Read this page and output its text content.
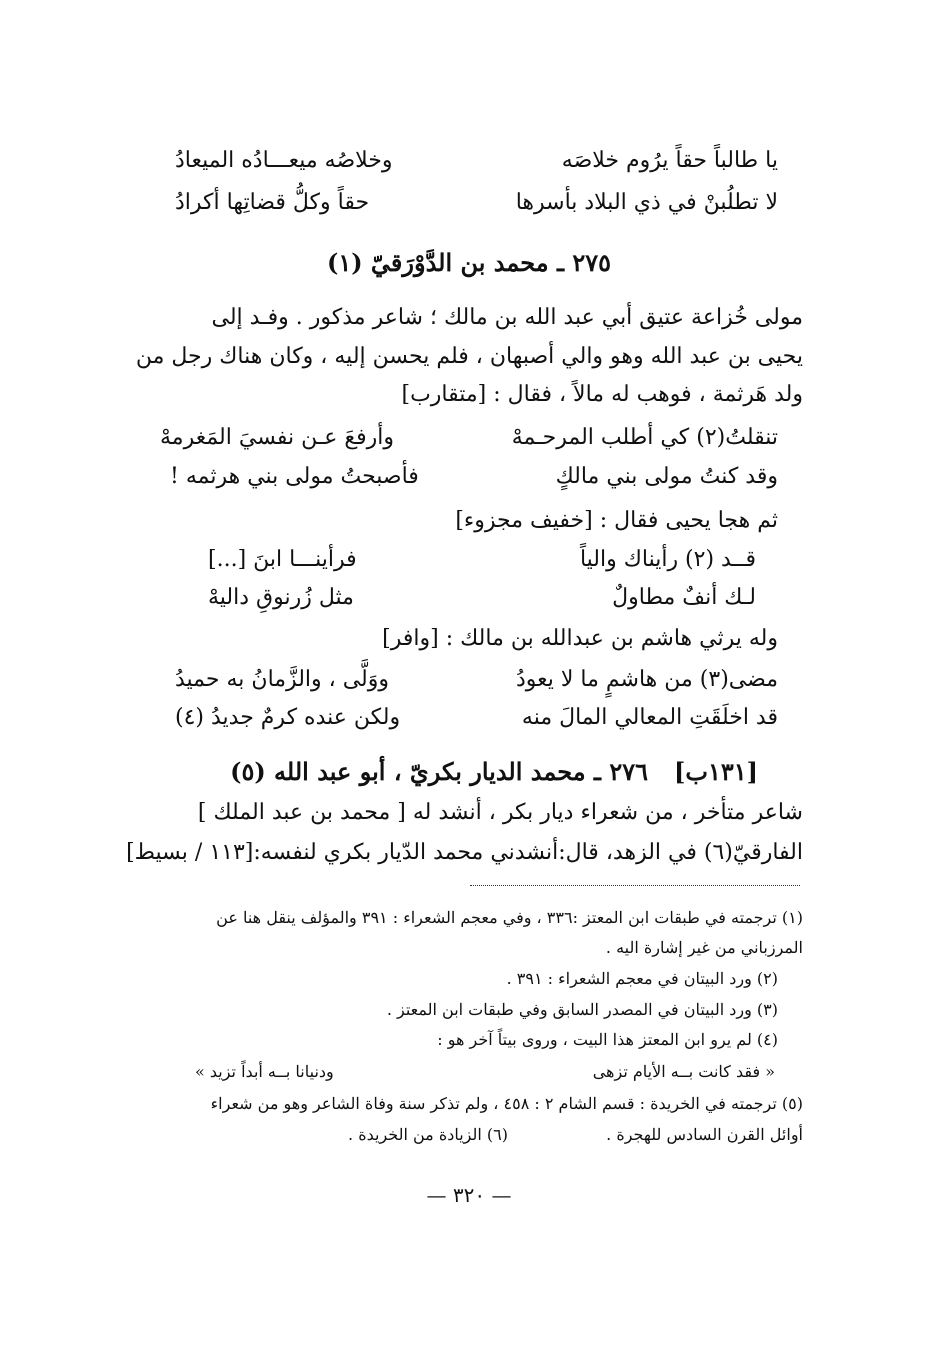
يا طالباً حقاً يرُوم خلاصَه
وخلاصُه ميعـــادُه الميعادُ
لا تطلُبنْ في ذي البلاد بأسرها
حقاً وكلُّ قضاتِها أكرادُ
٢٧٥ ـ محمد بن الدَّوْرَقيّ (١)
مولى خُزاعة عتيق أبي عبد الله بن مالك ؛ شاعر مذكور . وفـد إلى
يحيى بن عبد الله وهو والي أصبهان ، فلم يحسن إليه ، وكان هناك رجل من
ولد هَرثمة ، فوهب له مالاً ، فقال : [متقارب]
تنقلتُ(٢) كي أطلب المرحـمهْ
وأرفعَ عـن نفسيَ المَغرمهْ
وقد كنتُ مولى بني مالكٍ
فأصبحتُ مولى بني هرثمه !
ثم هجا يحيى فقال : [خفيف مجزوء]
قــد (٢) رأيناك والياً
فرأينـــا ابنَ [...]
لـك أنفٌ مطاولٌ
مثل زُرنوقِ داليهْ
وله يرثي هاشم بن عبدالله بن مالك : [وافر]
مضى(٣) من هاشمٍ ما لا يعودُ
ووَلَّى ، والزَّمانُ به حميدُ
قد اخلَقَتِ المعالي المالَ منه
ولكن عنده كرمٌ جديدُ (٤)
[١٣١ب]
٢٧٦ ـ محمد الديار بكريّ ، أبو عبد الله (٥)
شاعر متأخر ، من شعراء ديار بكر ، أنشد له [ محمد بن عبد الملك ]
الفارقيّ(٦) في الزهد، قال:أنشدني محمد الدّيار بكري لنفسه:[١١٣ / بسيط]
(١) ترجمته في طبقات ابن المعتز :٣٣٦ ، وفي معجم الشعراء : ٣٩١ والمؤلف ينقل هنا عن
المرزباني من غير إشارة اليه .
(٢) ورد البيتان في معجم الشعراء : ٣٩١ .
(٣) ورد البيتان في المصدر السابق وفي طبقات ابن المعتز .
(٤) لم يرو ابن المعتز هذا البيت ، وروى بيتاً آخر هو :
« فقد كانت بــه الأيام تزهى
ودنيانا بــه أبداً تزيد »
(٥) ترجمته في الخريدة : قسم الشام ٢ : ٤٥٨ ، ولم تذكر سنة وفاة الشاعر وهو من شعراء
أوائل القرن السادس للهجرة .
(٦) الزيادة من الخريدة .
— ٣٢٠ —
